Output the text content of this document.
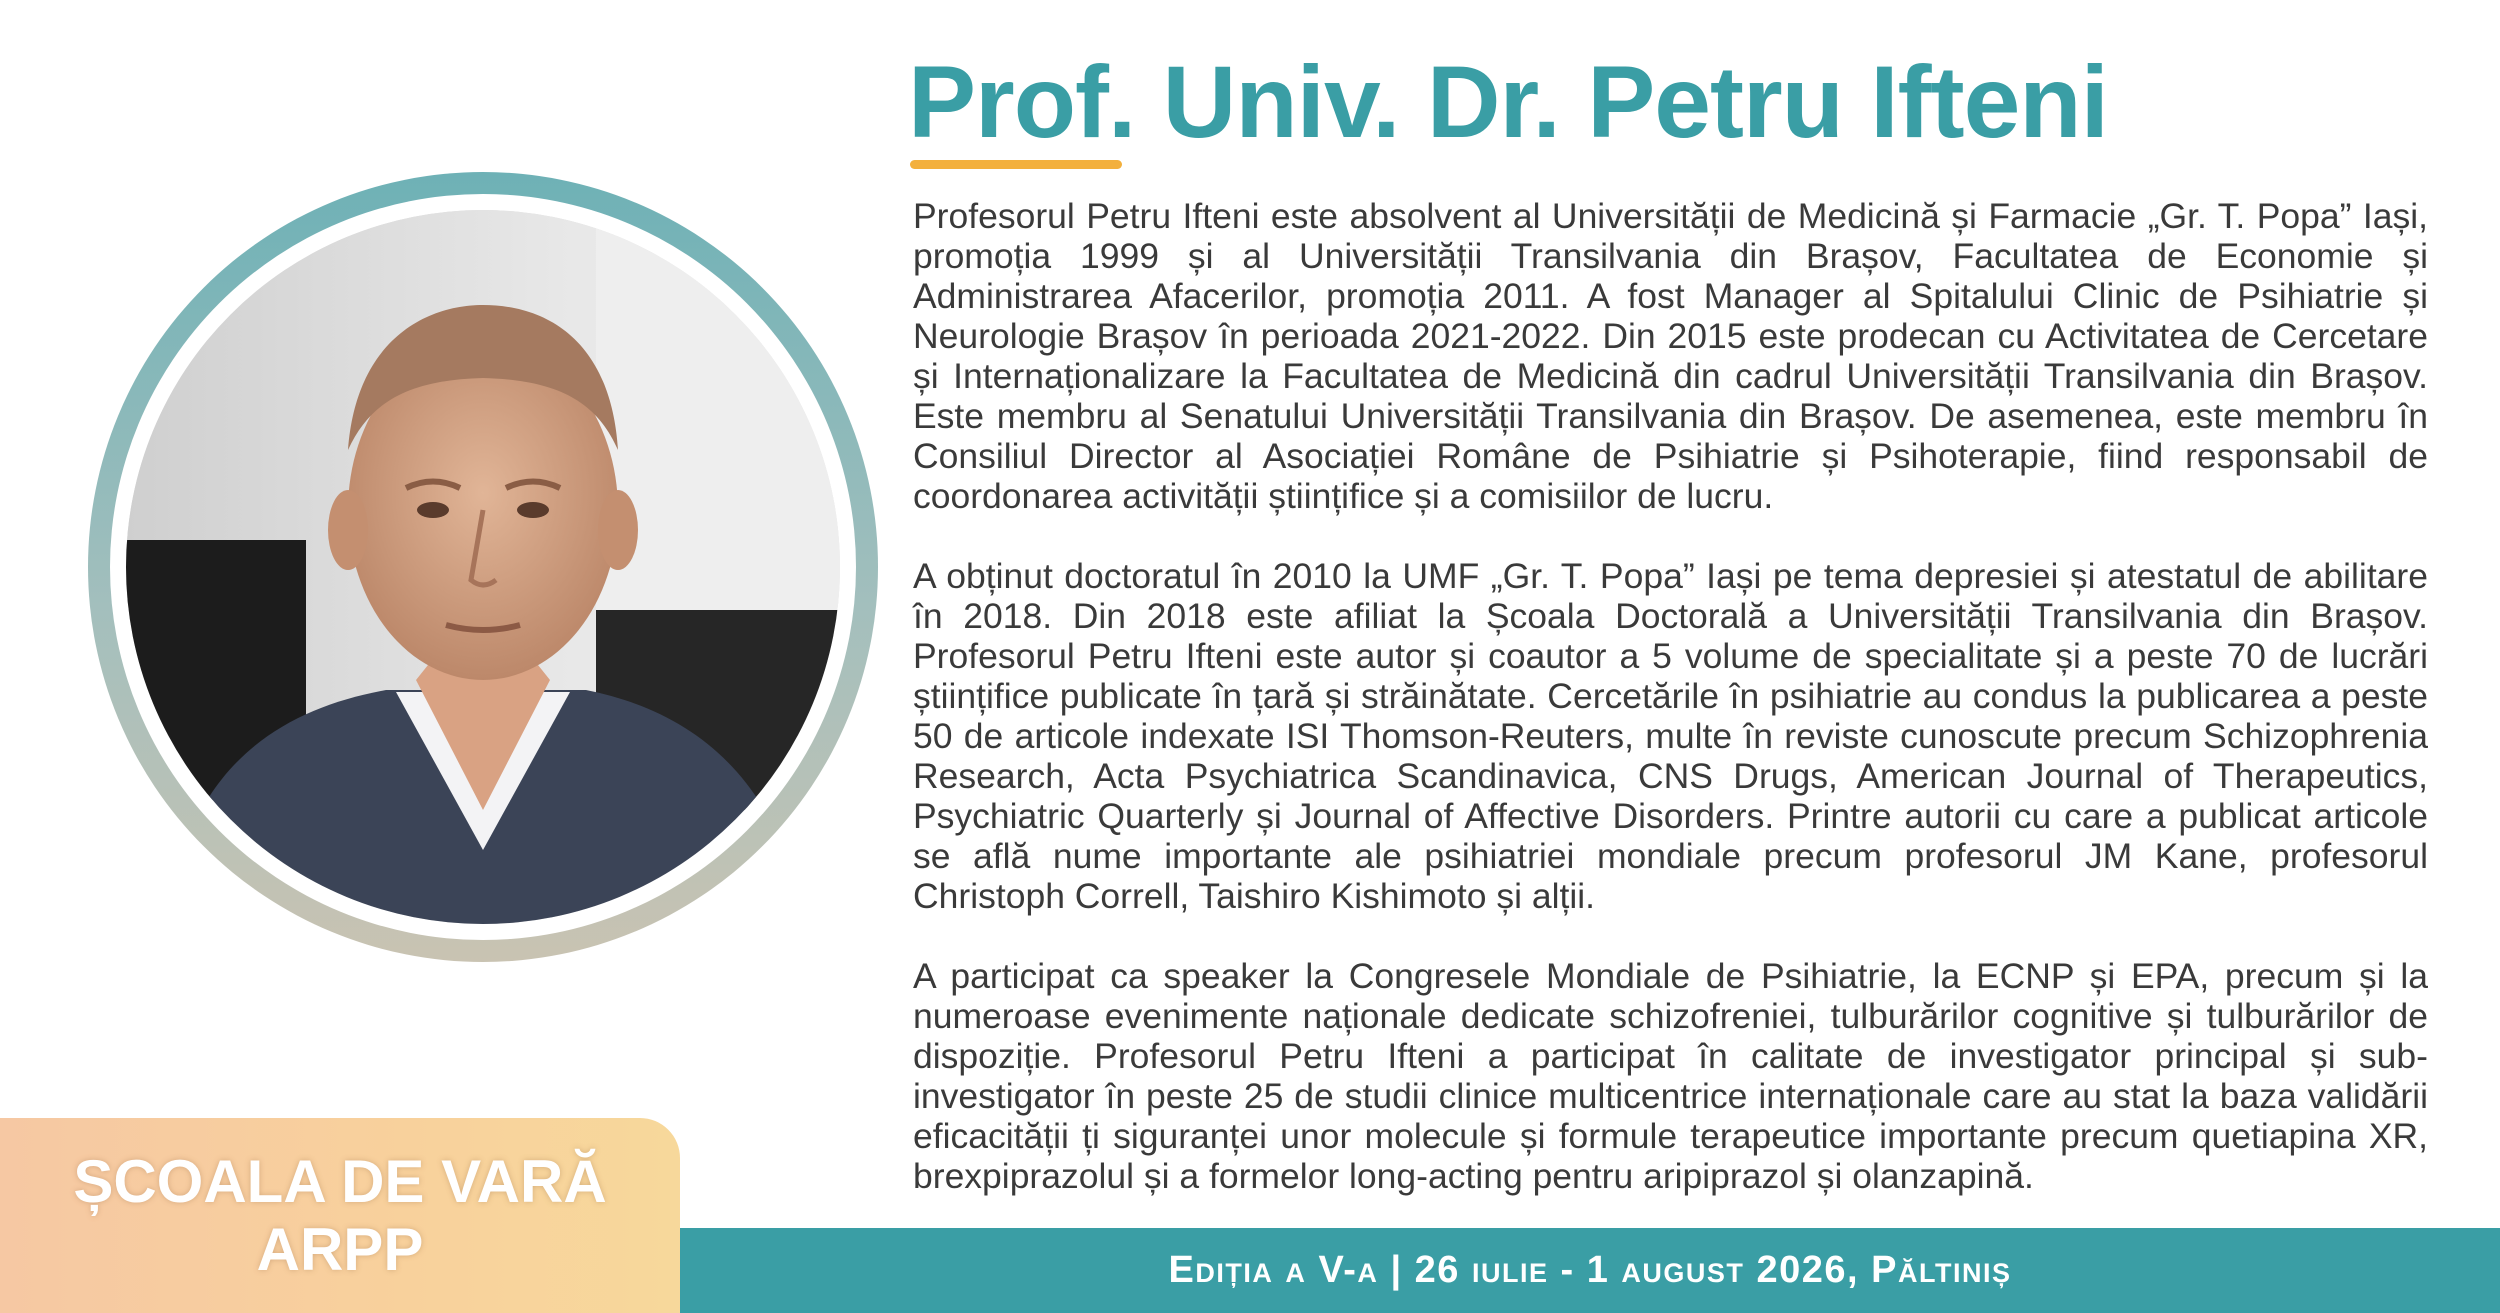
Prof. Univ. Dr. Petru Ifteni

Profesorul Petru Ifteni este absolvent al Universității de Medicină și Farmacie „Gr. T. Popa” Iași, promoția 1999 și al Universității Transilvania din Brașov, Facultatea de Economie și Administrarea Afacerilor, promoția 2011. A fost Manager al Spitalului Clinic de Psihiatrie și Neurologie Brașov în perioada 2021-2022. Din 2015 este prodecan cu Activitatea de Cercetare și Internaționalizare la Facultatea de Medicină din cadrul Universității Transilvania din Brașov. Este membru al Senatului Universității Transilvania din Brașov. De asemenea, este membru în Consiliul Director al Asociației Române de Psihiatrie și Psihoterapie, fiind responsabil de coordonarea activității științifice și a comisiilor de lucru.

A obținut doctoratul în 2010 la UMF „Gr. T. Popa” Iași pe tema depresiei și atestatul de abilitare în 2018. Din 2018 este afiliat la Școala Doctorală a Universității Transilvania din Brașov. Profesorul Petru Ifteni este autor și coautor a 5 volume de specialitate și a peste 70 de lucrări științifice publicate în țară și străinătate. Cercetările în psihiatrie au condus la publicarea a peste 50 de articole indexate ISI Thomson-Reuters, multe în reviste cunoscute precum Schizophrenia Research, Acta Psychiatrica Scandinavica, CNS Drugs, American Journal of Therapeutics, Psychiatric Quarterly și Journal of Affective Disorders. Printre autorii cu care a publicat articole se află nume importante ale psihiatriei mondiale precum profesorul JM Kane, profesorul Christoph Correll, Taishiro Kishimoto și alții.

A participat ca speaker la Congresele Mondiale de Psihiatrie, la ECNP și EPA, precum și la numeroase evenimente naționale dedicate schizofreniei, tulburărilor cognitive și tulburărilor de dispoziție. Profesorul Petru Ifteni a participat în calitate de investigator principal și sub-investigator în peste 25 de studii clinice multicentrice internaționale care au stat la baza validării eficacității ți siguranței unor molecule și formule terapeutice importante precum quetiapina XR, brexpiprazolul și a formelor long-acting pentru aripiprazol și olanzapină.

ȘCOALA DE VARĂ
ARPP	Ediția a V-a | 26 iulie - 1 august 2026, Păltiniș
